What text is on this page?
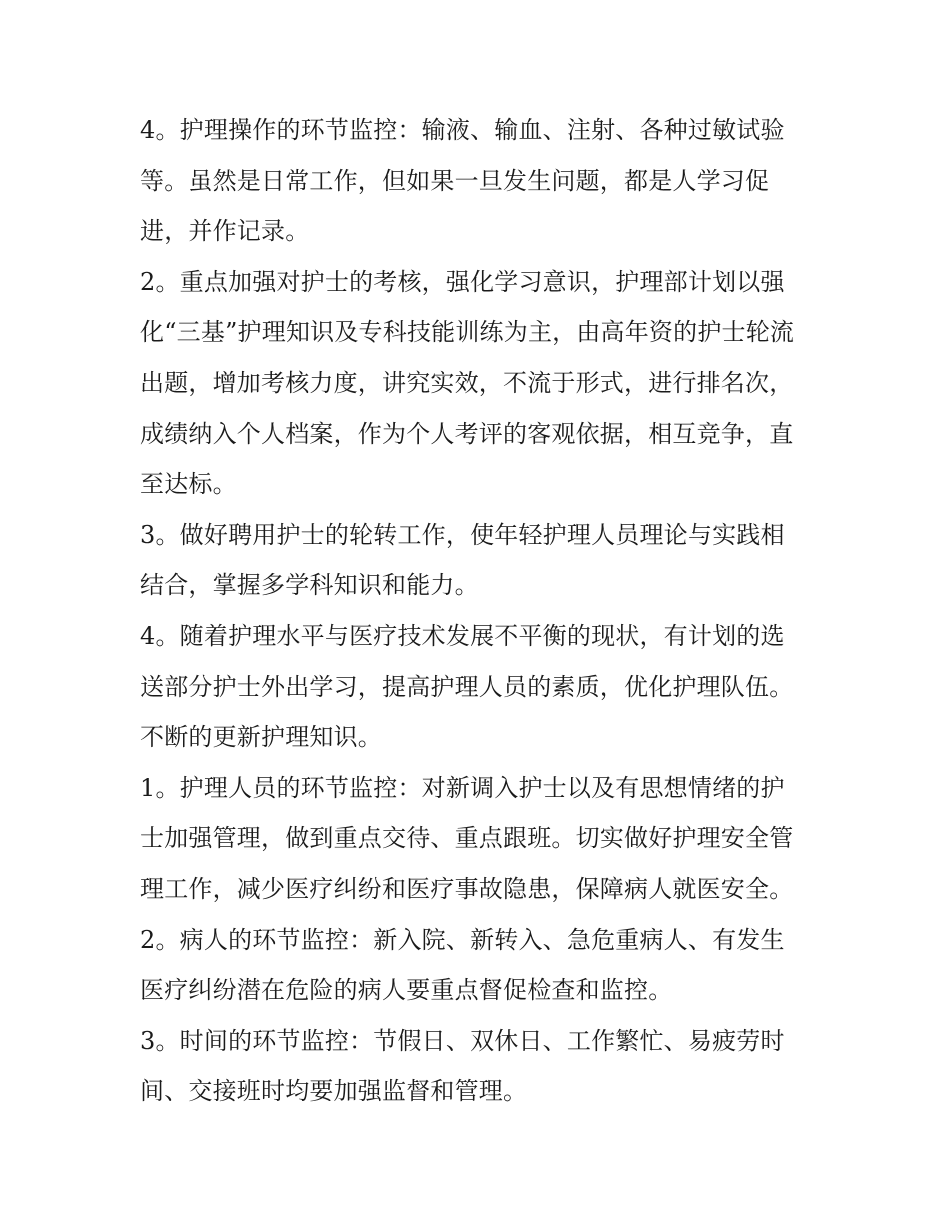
4。护理操作的环节监控：输液、输血、注射、各种过敏试验
等。虽然是日常工作，但如果一旦发生问题，都是人学习促
进，并作记录。
2。重点加强对护士的考核，强化学习意识，护理部计划以强
化“三基”护理知识及专科技能训练为主，由高年资的护士轮流
出题，增加考核力度，讲究实效，不流于形式，进行排名次，
成绩纳入个人档案，作为个人考评的客观依据，相互竞争，直
至达标。
3。做好聘用护士的轮转工作，使年轻护理人员理论与实践相
结合，掌握多学科知识和能力。
4。随着护理水平与医疗技术发展不平衡的现状，有计划的选
送部分护士外出学习，提高护理人员的素质，优化护理队伍。
不断的更新护理知识。
1。护理人员的环节监控：对新调入护士以及有思想情绪的护
士加强管理，做到重点交待、重点跟班。切实做好护理安全管
理工作，减少医疗纠纷和医疗事故隐患，保障病人就医安全。
2。病人的环节监控：新入院、新转入、急危重病人、有发生
医疗纠纷潜在危险的病人要重点督促检查和监控。
3。时间的环节监控：节假日、双休日、工作繁忙、易疲劳时
间、交接班时均要加强监督和管理。
